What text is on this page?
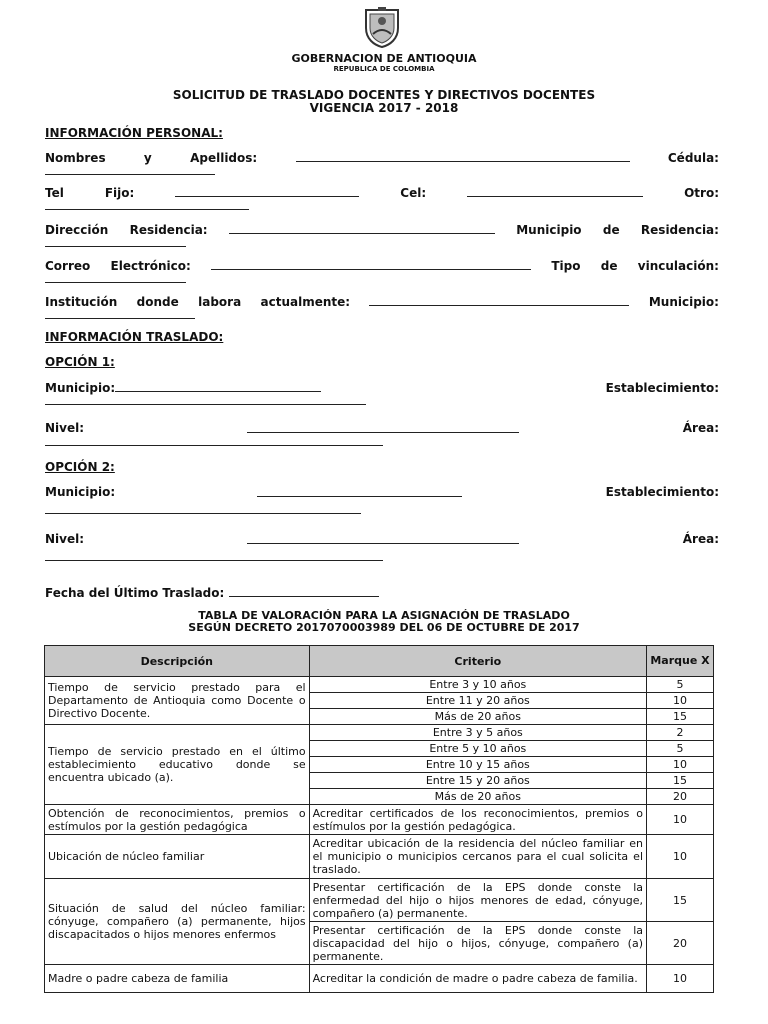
GOBERNACION DE ANTIOQUIA
REPUBLICA DE COLOMBIA
SOLICITUD DE TRASLADO DOCENTES Y DIRECTIVOS DOCENTES
VIGENCIA 2017 - 2018
INFORMACIÓN PERSONAL:
Nombres	y	Apellidos:	Cédula:
Tel	Fijo:	Cel:	Otro:
Dirección Residencia:	Municipio de Residencia:
Correo Electrónico:	Tipo de vinculación:
Institución donde labora actualmente:	Municipio:
INFORMACIÓN TRASLADO:
OPCIÓN 1:
Municipio:	Establecimiento:
Nivel:	Área:
OPCIÓN 2:
Municipio:	Establecimiento:
Nivel:	Área:
Fecha del Último Traslado:
TABLA DE VALORACIÓN PARA LA ASIGNACIÓN DE TRASLADO
SEGÚN DECRETO 2017070003989 DEL 06 DE OCTUBRE DE 2017
Descripción	Criterio	Marque X
Tiempo de servicio prestado para el Departamento de Antioquia como Docente o Directivo Docente.	Entre 3 y 10 años	5
	Entre 11 y 20 años	10
	Más de 20 años	15
Tiempo de servicio prestado en el último establecimiento educativo donde se encuentra ubicado (a).	Entre 3 y 5 años	2
	Entre 5 y 10 años	5
	Entre 10 y 15 años	10
	Entre 15 y 20 años	15
	Más de 20 años	20
Obtención de reconocimientos, premios o estímulos por la gestión pedagógica	Acreditar certificados de los reconocimientos, premios o estímulos por la gestión pedagógica.	10
Ubicación de núcleo familiar	Acreditar ubicación de la residencia del núcleo familiar en el municipio o municipios cercanos para el cual solicita el traslado.	10
Situación de salud del núcleo familiar: cónyuge, compañero (a) permanente, hijos discapacitados o hijos menores enfermos	Presentar certificación de la EPS donde conste la enfermedad del hijo o hijos menores de edad, cónyuge, compañero (a) permanente.	15
	Presentar certificación de la EPS donde conste la discapacidad del hijo o hijos, cónyuge, compañero (a) permanente.	20
Madre o padre cabeza de familia	Acreditar la condición de madre o padre cabeza de familia.	10
